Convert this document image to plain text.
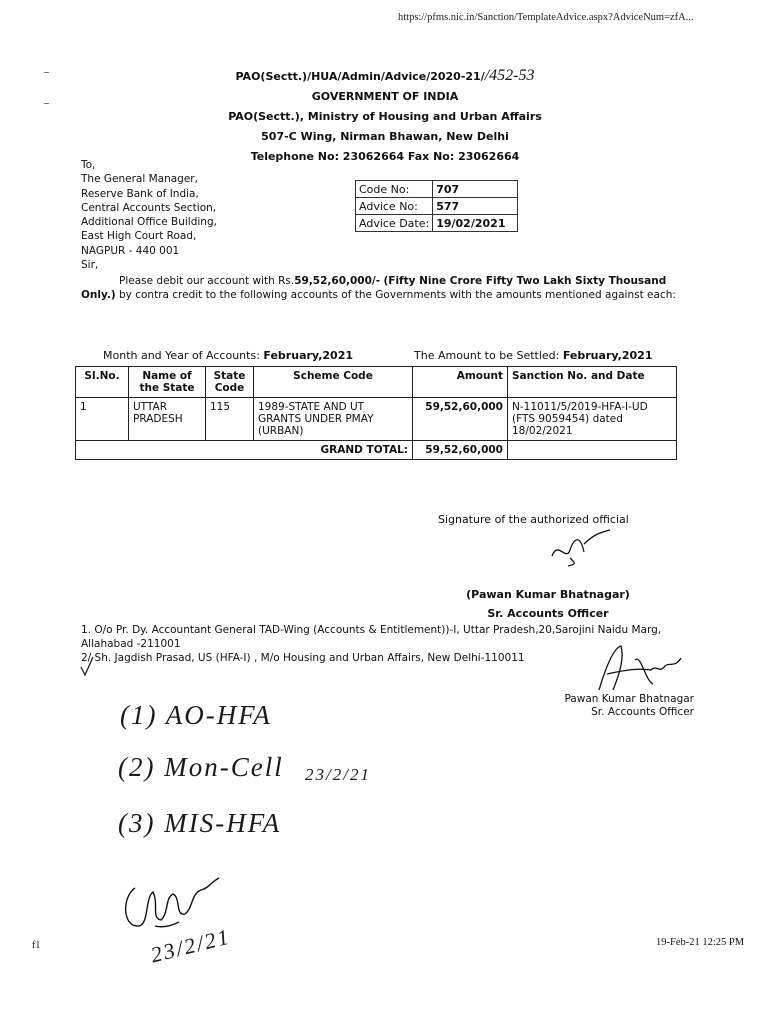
https://pfms.nic.in/Sanction/TemplateAdvice.aspx?AdviceNum=zfA...
PAO(Sectt.)/HUA/Admin/Advice/2020-21//452-53
GOVERNMENT OF INDIA
PAO(Sectt.), Ministry of Housing and Urban Affairs
507-C Wing, Nirman Bhawan, New Delhi
Telephone No: 23062664 Fax No: 23062664
To,
The General Manager,
Reserve Bank of India,
Central Accounts Section,
Additional Office Building,
East High Court Road,
NAGPUR - 440 001
Sir,
Code No:	707
Advice No:	577
Advice Date:	19/02/2021
Please debit our account with Rs.59,52,60,000/- (Fifty Nine Crore Fifty Two Lakh Sixty Thousand Only.) by contra credit to the following accounts of the Governments with the amounts mentioned against each:
Month and Year of Accounts: February,2021	The Amount to be Settled: February,2021
Sl.No.	Name of the State	State Code	Scheme Code	Amount	Sanction No. and Date
1	UTTAR PRADESH	115	1989-STATE AND UT GRANTS UNDER PMAY (URBAN)	59,52,60,000	N-11011/5/2019-HFA-I-UD (FTS 9059454) dated 18/02/2021
GRAND TOTAL:				59,52,60,000	
Signature of the authorized official
(Pawan Kumar Bhatnagar)
Sr. Accounts Officer
1. O/o Pr. Dy. Accountant General TAD-Wing (Accounts & Entitlement))-I, Uttar Pradesh,20,Sarojini Naidu Marg, Allahabad -211001
2/ Sh. Jagdish Prasad, US (HFA-I) , M/o Housing and Urban Affairs, New Delhi-110011
Pawan Kumar Bhatnagar
Sr. Accounts Officer
(1) AO-HFA
(2) Mon-Cell 23/2/21
(3) MIS-HFA
23/2/21
f1	19-Feb-21 12:25 PM
